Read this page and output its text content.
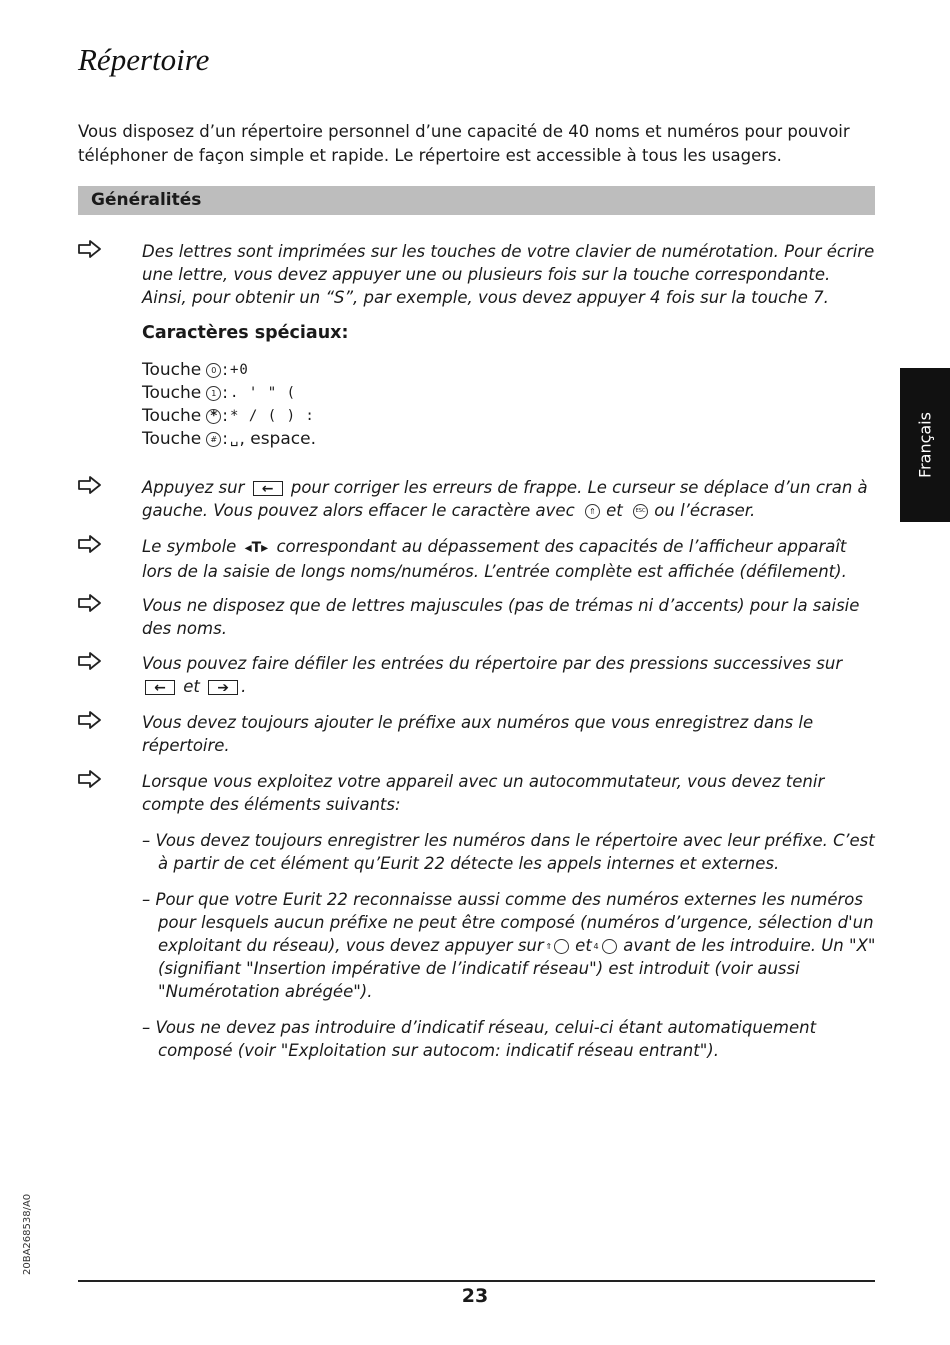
Répertoire

Vous disposez d’un répertoire personnel d’une capacité de 40 noms et numéros pour pouvoir téléphoner de façon simple et rapide. Le répertoire est accessible à tous les usagers.

Généralités

Des lettres sont imprimées sur les touches de votre clavier de numérotation. Pour écrire une lettre, vous devez appuyer une ou plusieurs fois sur la touche correspondante. Ainsi, pour obtenir un “S”, par exemple, vous devez appuyer 4 fois sur la touche 7.

Caractères spéciaux:
Touche	0 : +0
Touche	1 : . ' " (
Touche * : * / ( ) :
Touche	# : ␣ , espace.

Appuyez sur ← pour corriger les erreurs de frappe. Le curseur se déplace d’un cran à gauche. Vous pouvez alors effacer le caractère avec ⇑ et	ESC ou l’écraser.

Le symbole ◂T▸ correspondant au dépassement des capacités de l’afficheur apparaît lors de la saisie de longs noms/numéros. L’entrée complète est affichée (défilement).

Vous ne disposez que de lettres majuscules (pas de trémas ni d’accents) pour la saisie des noms.

Vous pouvez faire défiler les entrées du répertoire par des pressions successives sur ← et ➔ .

Vous devez toujours ajouter le préfixe aux numéros que vous enregistrez dans le répertoire.

Lorsque vous exploitez votre appareil avec un autocommutateur, vous devez tenir compte des éléments suivants:

– Vous devez toujours enregistrer les numéros dans le répertoire avec leur préfixe. C’est à partir de cet élément qu’Eurit 22 détecte les appels internes et externes.

– Pour que votre Eurit 22 reconnaisse aussi comme des numéros externes les numéros pour lesquels aucun préfixe ne peut être composé (numéros d’urgence, sélection d'un exploitant du réseau), vous devez appuyer sur ⇑ et 4 avant de les introduire. Un "X" (signifiant "Insertion impérative de l’indicatif réseau") est introduit (voir aussi "Numérotation abrégée").

– Vous ne devez pas introduire d’indicatif réseau, celui-ci étant automatiquement composé (voir "Exploitation sur autocom: indicatif réseau entrant").

Français
20BA268538/A0
23
